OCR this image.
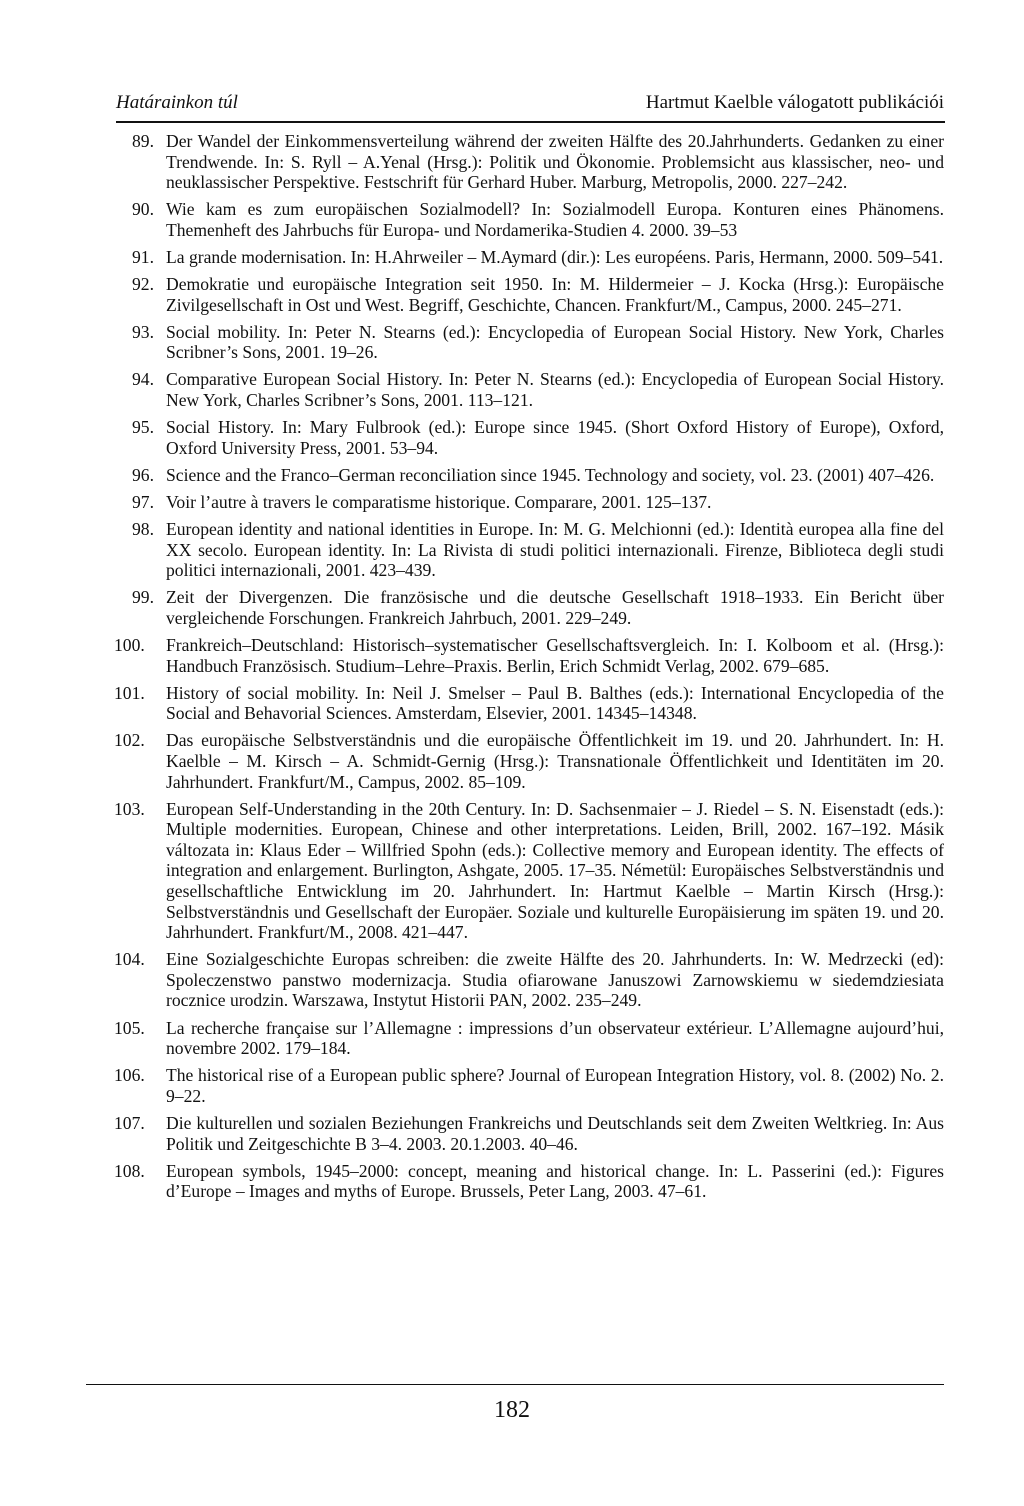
Határainkon túl	Hartmut Kaelble válogatott publikációi
89. Der Wandel der Einkommensverteilung während der zweiten Hälfte des 20.Jahrhunderts. Gedanken zu einer Trendwende. In: S. Ryll – A.Yenal (Hrsg.): Politik und Ökonomie. Problemsicht aus klassischer, neo- und neuklassischer Perspektive. Festschrift für Gerhard Huber. Marburg, Metropolis, 2000. 227–242.
90. Wie kam es zum europäischen Sozialmodell? In: Sozialmodell Europa. Konturen eines Phänomens. Themenheft des Jahrbuchs für Europa- und Nordamerika-Studien 4. 2000. 39–53
91. La grande modernisation. In: H.Ahrweiler – M.Aymard (dir.): Les européens. Paris, Hermann, 2000. 509–541.
92. Demokratie und europäische Integration seit 1950. In: M. Hildermeier – J. Kocka (Hrsg.): Europäische Zivilgesellschaft in Ost und West. Begriff, Geschichte, Chancen. Frankfurt/M., Campus, 2000. 245–271.
93. Social mobility. In: Peter N. Stearns (ed.): Encyclopedia of European Social History. New York, Charles Scribner’s Sons, 2001. 19–26.
94. Comparative European Social History. In: Peter N. Stearns (ed.): Encyclopedia of European Social History. New York, Charles Scribner’s Sons, 2001. 113–121.
95. Social History. In: Mary Fulbrook (ed.): Europe since 1945. (Short Oxford History of Europe), Oxford, Oxford University Press, 2001. 53–94.
96. Science and the Franco–German reconciliation since 1945. Technology and society, vol. 23. (2001) 407–426.
97. Voir l’autre à travers le comparatisme historique. Comparare, 2001. 125–137.
98. European identity and national identities in Europe. In: M. G. Melchionni (ed.): Identità europea alla fine del XX secolo. European identity. In: La Rivista di studi politici internazionali. Firenze, Biblioteca degli studi politici internazionali, 2001. 423–439.
99. Zeit der Divergenzen. Die französische und die deutsche Gesellschaft 1918–1933. Ein Bericht über vergleichende Forschungen. Frankreich Jahrbuch, 2001. 229–249.
100. Frankreich–Deutschland: Historisch–systematischer Gesellschaftsvergleich. In: I. Kolboom et al. (Hrsg.): Handbuch Französisch. Studium–Lehre–Praxis. Berlin, Erich Schmidt Verlag, 2002. 679–685.
101. History of social mobility. In: Neil J. Smelser – Paul B. Balthes (eds.): International Encyclopedia of the Social and Behavorial Sciences. Amsterdam, Elsevier, 2001. 14345–14348.
102. Das europäische Selbstverständnis und die europäische Öffentlichkeit im 19. und 20. Jahrhundert. In: H. Kaelble – M. Kirsch – A. Schmidt-Gernig (Hrsg.): Transnationale Öffentlichkeit und Identitäten im 20. Jahrhundert. Frankfurt/M., Campus, 2002. 85–109.
103. European Self-Understanding in the 20th Century. In: D. Sachsenmaier – J. Riedel – S. N. Eisenstadt (eds.): Multiple modernities. European, Chinese and other interpretations. Leiden, Brill, 2002. 167–192. Másik változata in: Klaus Eder – Willfried Spohn (eds.): Collective memory and European identity. The effects of integration and enlargement. Burlington, Ashgate, 2005. 17–35. Németül: Europäisches Selbstverständnis und gesellschaftliche Entwicklung im 20. Jahrhundert. In: Hartmut Kaelble – Martin Kirsch (Hrsg.): Selbstverständnis und Gesellschaft der Europäer. Soziale und kulturelle Europäisierung im späten 19. und 20. Jahrhundert. Frankfurt/M., 2008. 421–447.
104. Eine Sozialgeschichte Europas schreiben: die zweite Hälfte des 20. Jahrhunderts. In: W. Medrzecki (ed): Spoleczenstwo panstwo modernizacja. Studia ofiarowane Januszowi Zarnowskiemu w siedemdziesiata rocznice urodzin. Warszawa, Instytut Historii PAN, 2002. 235–249.
105. La recherche française sur l’Allemagne : impressions d’un observateur extérieur. L’Allemagne aujourd’hui, novembre 2002. 179–184.
106. The historical rise of a European public sphere? Journal of European Integration History, vol. 8. (2002) No. 2. 9–22.
107. Die kulturellen und sozialen Beziehungen Frankreichs und Deutschlands seit dem Zweiten Weltkrieg. In: Aus Politik und Zeitgeschichte B 3–4. 2003. 20.1.2003. 40–46.
108. European symbols, 1945–2000: concept, meaning and historical change. In: L. Passerini (ed.): Figures d’Europe – Images and myths of Europe. Brussels, Peter Lang, 2003. 47–61.
182
